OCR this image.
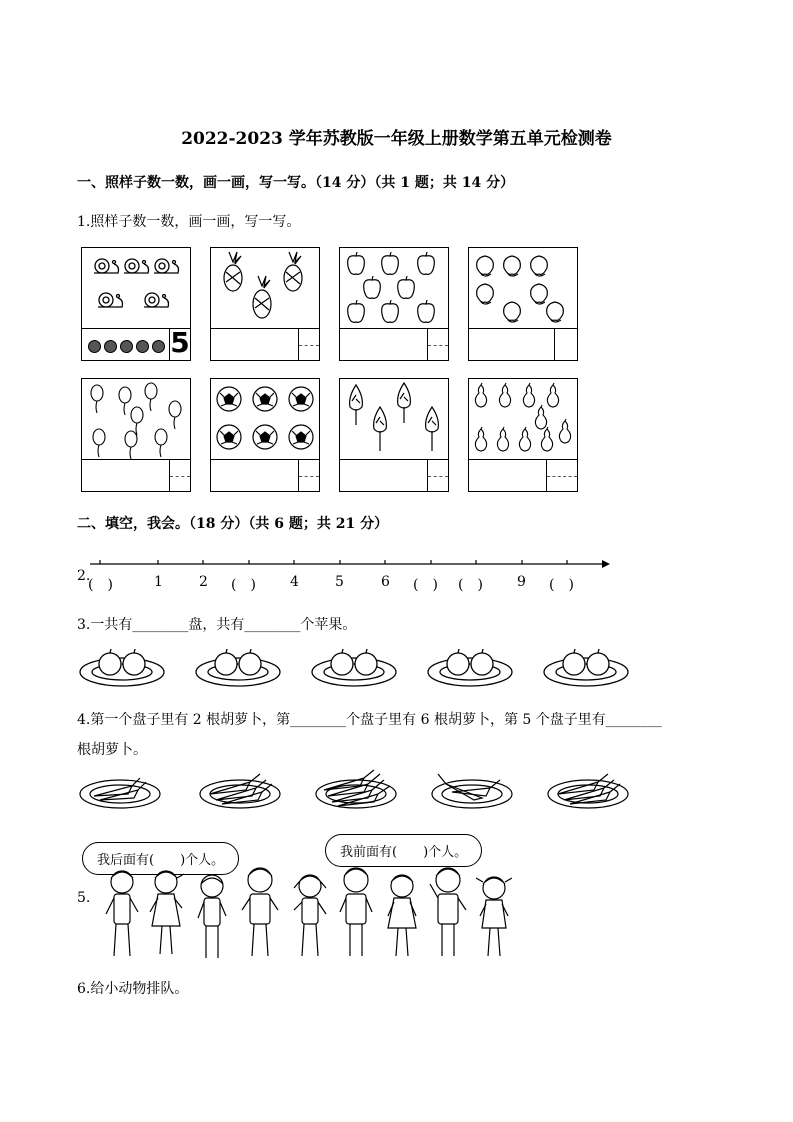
2022-2023 学年苏教版一年级上册数学第五单元检测卷
一、照样子数一数，画一画，写一写。（14 分）（共 1 题；共 14 分）
1.照样子数一数，画一画，写一写。
5
二、填空，我会。（18 分）（共 6 题；共 21 分）
2.
(　)	1	2 (　) 4	5	6 (　) (　) 9 (　)
3.一共有________盘，共有________个苹果。
4.第一个盘子里有 2 根胡萝卜，第________个盘子里有 6 根胡萝卜，第 5 个盘子里有________
根胡萝卜。
我后面有(　　)个人。
我前面有(　　)个人。
5.
6.给小动物排队。
